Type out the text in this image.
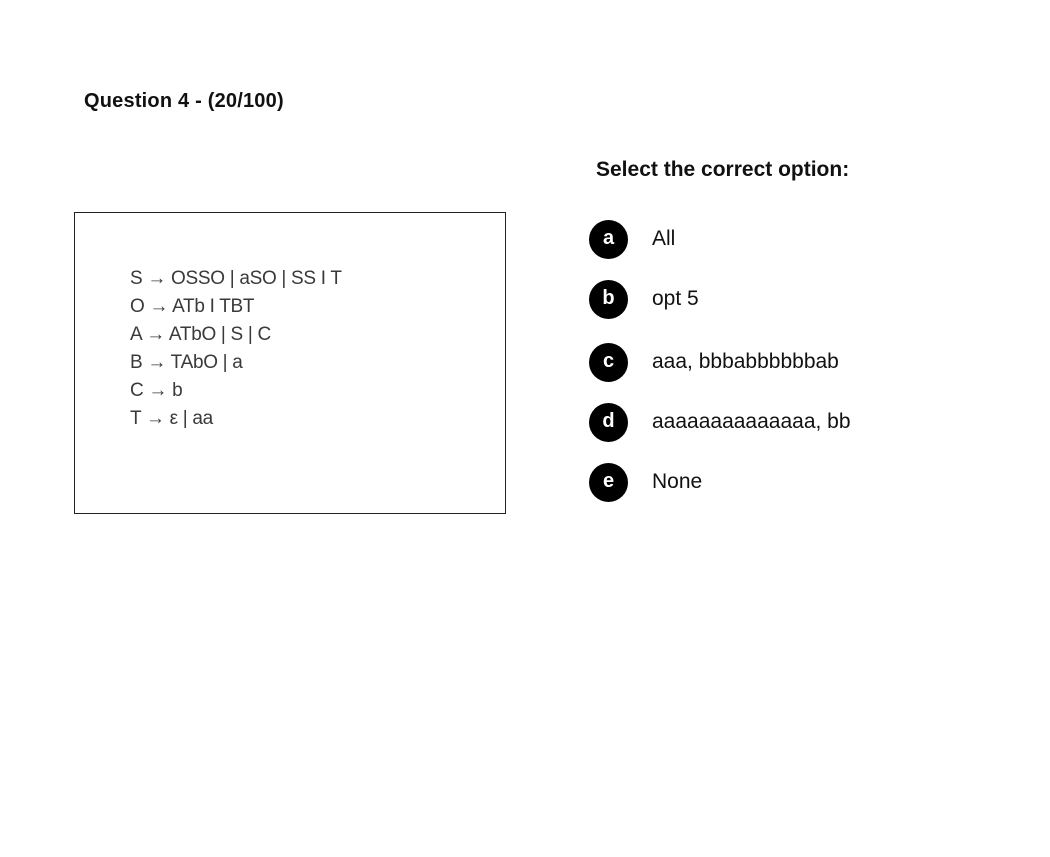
Question 4 - (20/100)
S → OSSO | aSO | SS I T
O → ATb I TBT
A → ATbO | S | C
B → TAbO | a
C → b
T → ε | aa
Select the correct option:
a	All
b	opt 5
c	aaa, bbbabbbbbbab
d	aaaaaaaaaaaaaa, bb
e	None
